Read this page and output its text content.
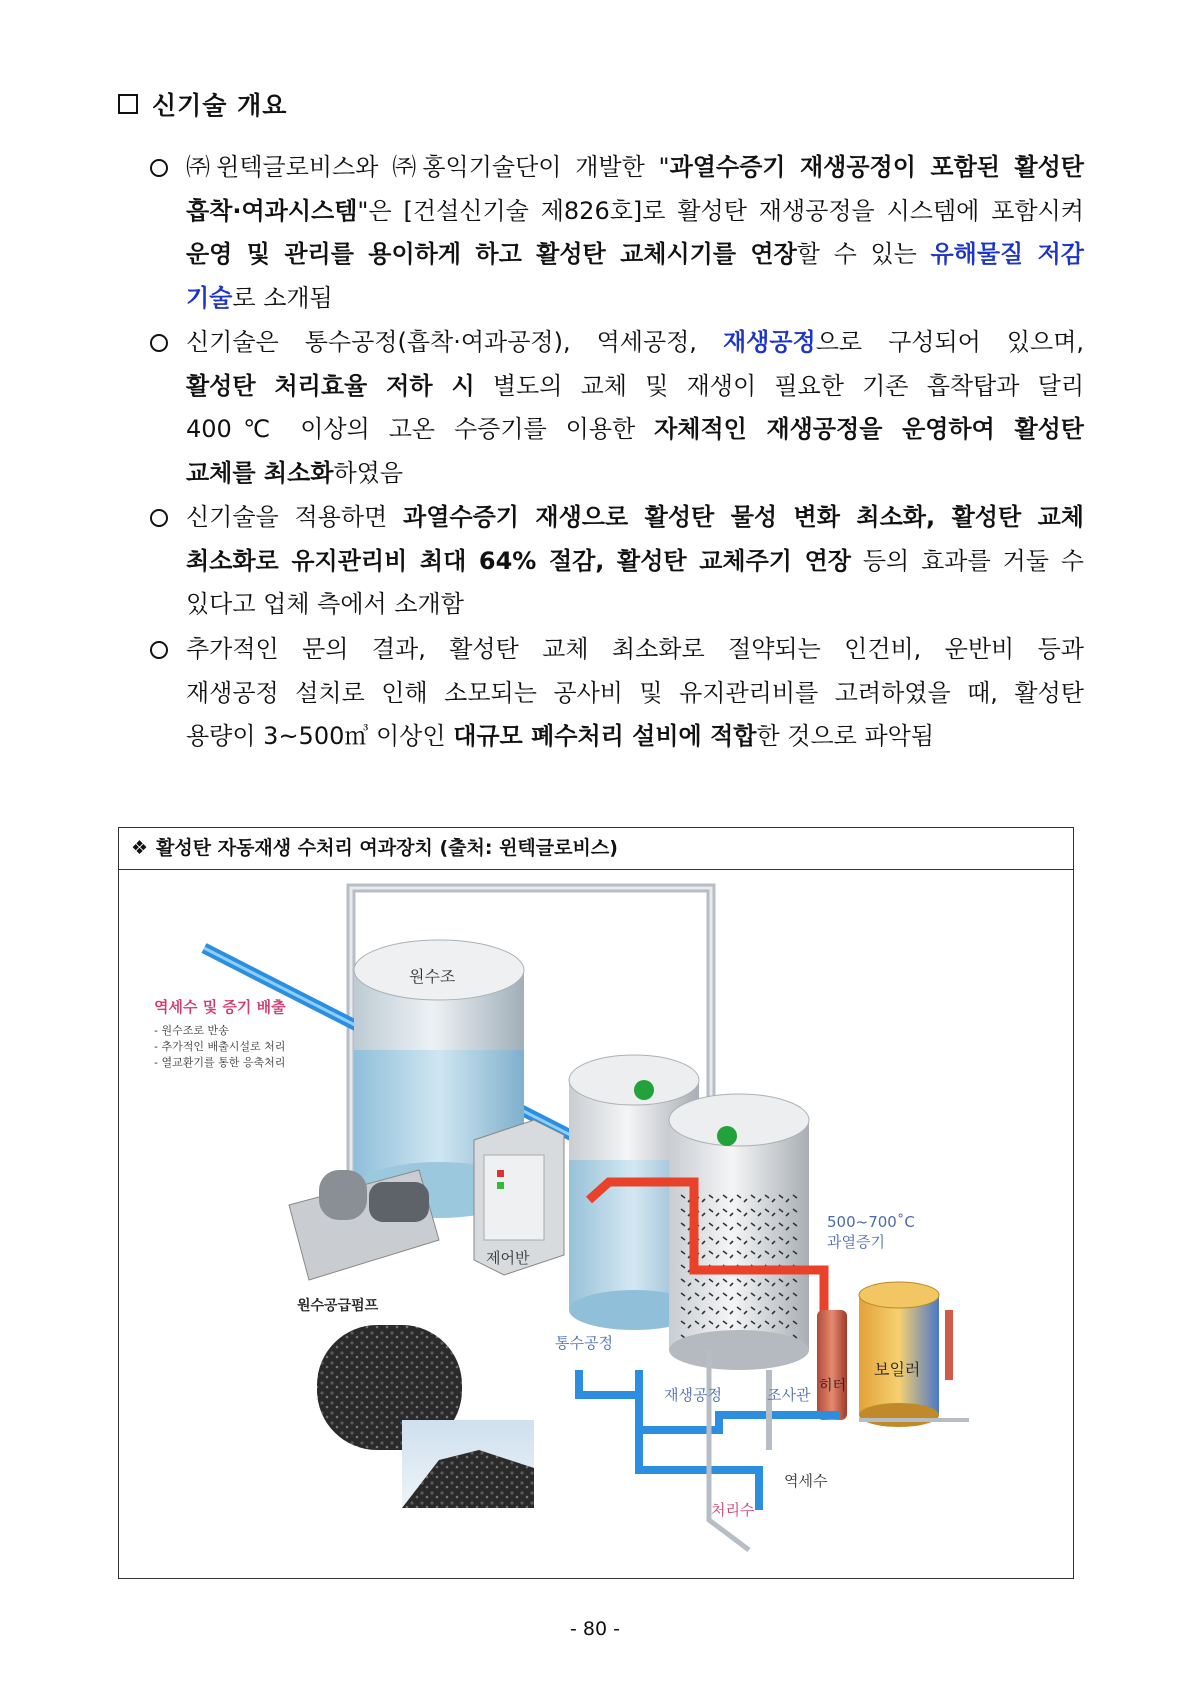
신기술 개요
㈜윈텍글로비스와 ㈜홍익기술단이 개발한 "과열수증기 재생공정이 포함된 활성탄
흡착·여과시스템"은 [건설신기술 제826호]로 활성탄 재생공정을 시스템에 포함시켜
운영 및 관리를 용이하게 하고 활성탄 교체시기를 연장할 수 있는 유해물질 저감
기술로 소개됨
신기술은 통수공정(흡착·여과공정), 역세공정, 재생공정으로 구성되어 있으며,
활성탄 처리효율 저하 시 별도의 교체 및 재생이 필요한 기존 흡착탑과 달리
400℃ 이상의 고온 수증기를 이용한 자체적인 재생공정을 운영하여 활성탄
교체를 최소화하였음
신기술을 적용하면 과열수증기 재생으로 활성탄 물성 변화 최소화, 활성탄 교체
최소화로 유지관리비 최대 64% 절감, 활성탄 교체주기 연장 등의 효과를 거둘 수
있다고 업체 측에서 소개함
추가적인 문의 결과, 활성탄 교체 최소화로 절약되는 인건비, 운반비 등과
재생공정 설치로 인해 소모되는 공사비 및 유지관리비를 고려하였을 때, 활성탄
용량이 3~500㎥ 이상인 대규모 폐수처리 설비에 적합한 것으로 파악됨
❖ 활성탄 자동재생 수처리 여과장치 (출처: 윈텍글로비스)
원수조
역세수 및 증기 배출
- 원수조로 반송
- 추가적인 배출시설로 처리
- 열교환기를 통한 응축처리
원수공급펌프
제어반
500~700˚C
과열증기
보일러
히터
통수공정
재생공정	조사관
역세수
처리수
- 80 -
